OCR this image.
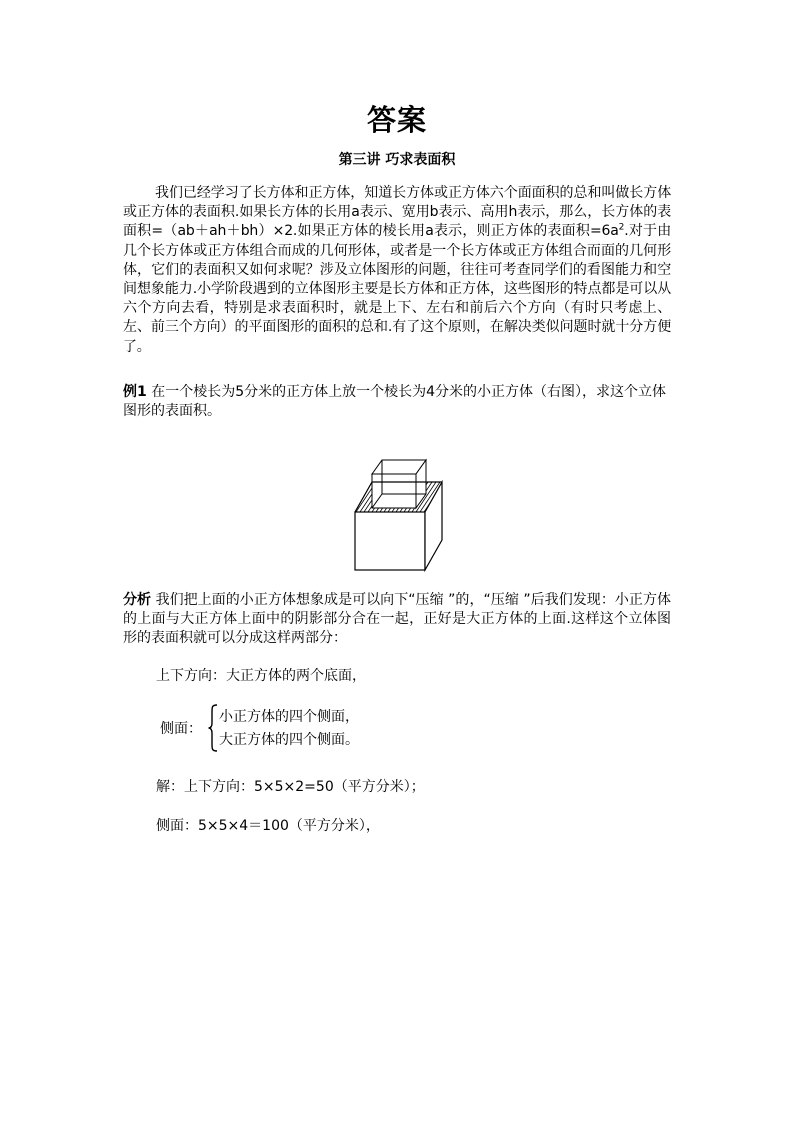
答案
第三讲 巧求表面积

我们已经学习了长方体和正方体，知道长方体或正方体六个面面积的总和叫做长方体或正方体的表面积.如果长方体的长用a表示、宽用b表示、高用h表示，那么，长方体的表面积=（ab＋ah＋bh）×2.如果正方体的棱长用a表示，则正方体的表面积$=6a^2$.对于由几个长方体或正方体组合而成的几何形体，或者是一个长方体或正方体组合而面的几何形体，它们的表面积又如何求呢？涉及立体图形的问题，往往可考查同学们的看图能力和空间想象能力.小学阶段遇到的立体图形主要是长方体和正方体，这些图形的特点都是可以从六个方向去看，特别是求表面积时，就是上下、左右和前后六个方向（有时只考虑上、左、前三个方向）的平面图形的面积的总和.有了这个原则，在解决类似问题时就十分方便了。

例1 在一个棱长为5分米的正方体上放一个棱长为4分米的小正方体（右图），求这个立体图形的表面积。

分析 我们把上面的小正方体想象成是可以向下“压缩 ”的，“压缩 ”后我们发现：小正方体的上面与大正方体上面中的阴影部分合在一起，正好是大正方体的上面.这样这个立体图形的表面积就可以分成这样两部分：

上下方向：大正方体的两个底面，

侧面：
小正方体的四个侧面，
大正方体的四个侧面。

解：上下方向：5×5×2=50（平方分米）；

侧面：5×5×4＝100（平方分米），
